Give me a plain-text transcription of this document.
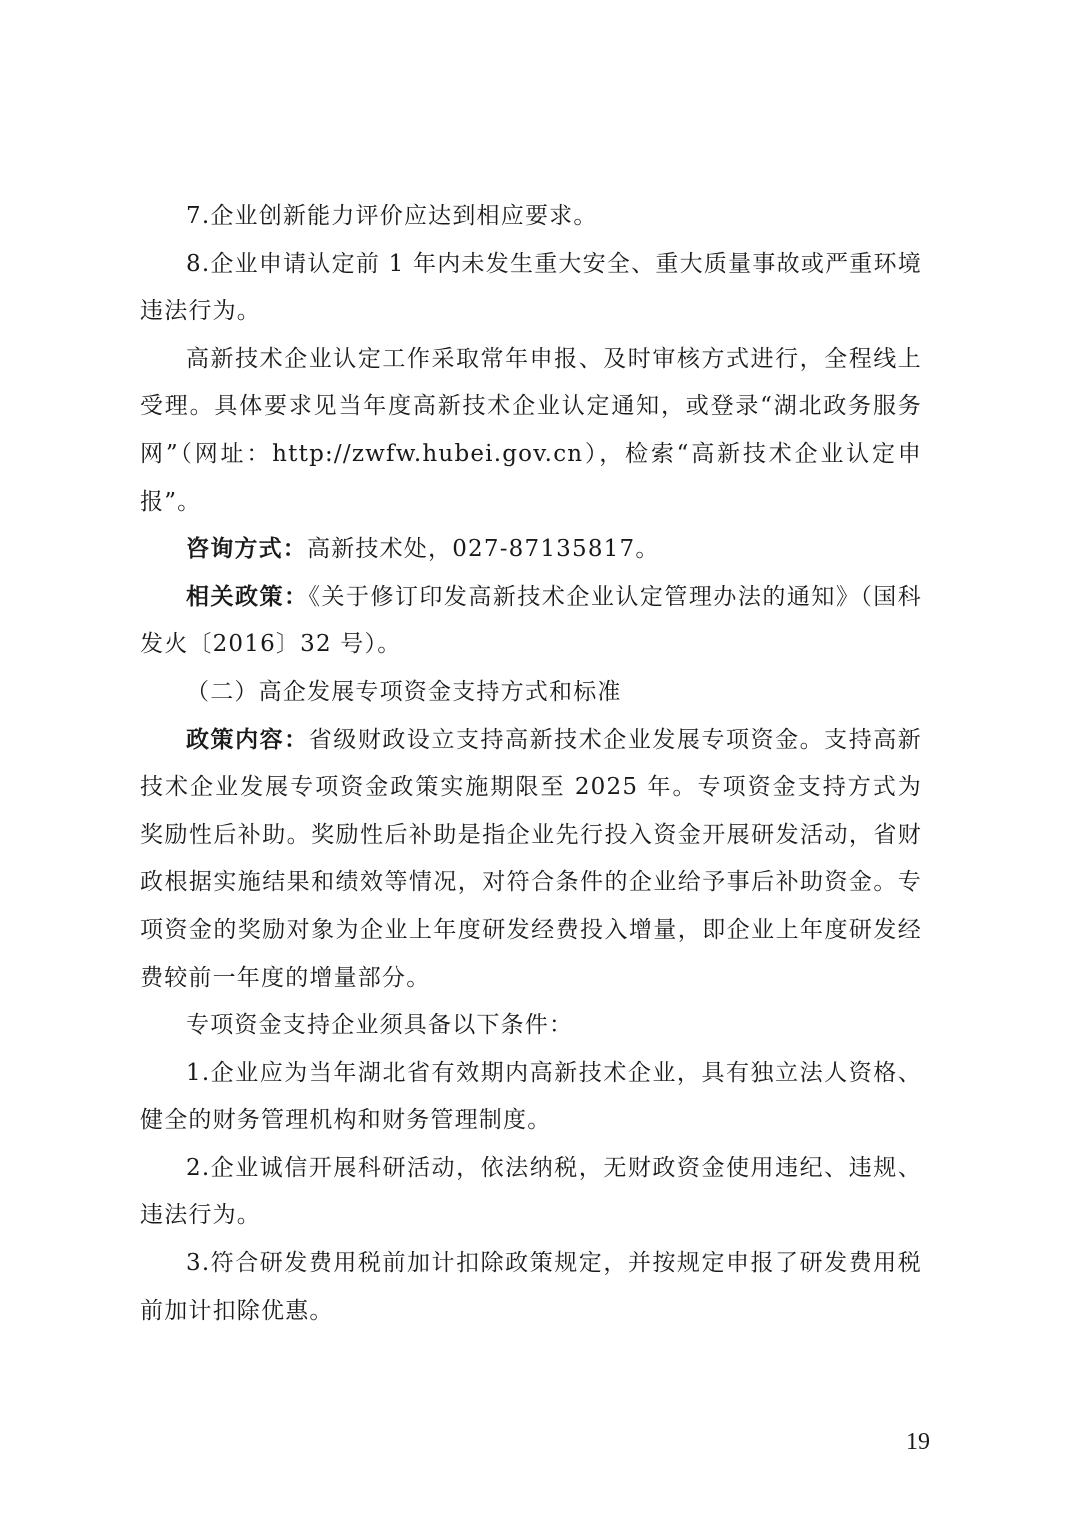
7.企业创新能力评价应达到相应要求。

8.企业申请认定前 1 年内未发生重大安全、重大质量事故或严重环境违法行为。

高新技术企业认定工作采取常年申报、及时审核方式进行，全程线上受理。具体要求见当年度高新技术企业认定通知，或登录“湖北政务服务网”（网址：http://zwfw.hubei.gov.cn），检索“高新技术企业认定申报”。

咨询方式：高新技术处，027-87135817。

相关政策：《关于修订印发高新技术企业认定管理办法的通知》（国科发火〔2016〕32 号）。

（二）高企发展专项资金支持方式和标准

政策内容：省级财政设立支持高新技术企业发展专项资金。支持高新技术企业发展专项资金政策实施期限至 2025 年。专项资金支持方式为奖励性后补助。奖励性后补助是指企业先行投入资金开展研发活动，省财政根据实施结果和绩效等情况，对符合条件的企业给予事后补助资金。专项资金的奖励对象为企业上年度研发经费投入增量，即企业上年度研发经费较前一年度的增量部分。

专项资金支持企业须具备以下条件：

1.企业应为当年湖北省有效期内高新技术企业，具有独立法人资格、健全的财务管理机构和财务管理制度。

2.企业诚信开展科研活动，依法纳税，无财政资金使用违纪、违规、违法行为。

3.符合研发费用税前加计扣除政策规定，并按规定申报了研发费用税前加计扣除优惠。

19
